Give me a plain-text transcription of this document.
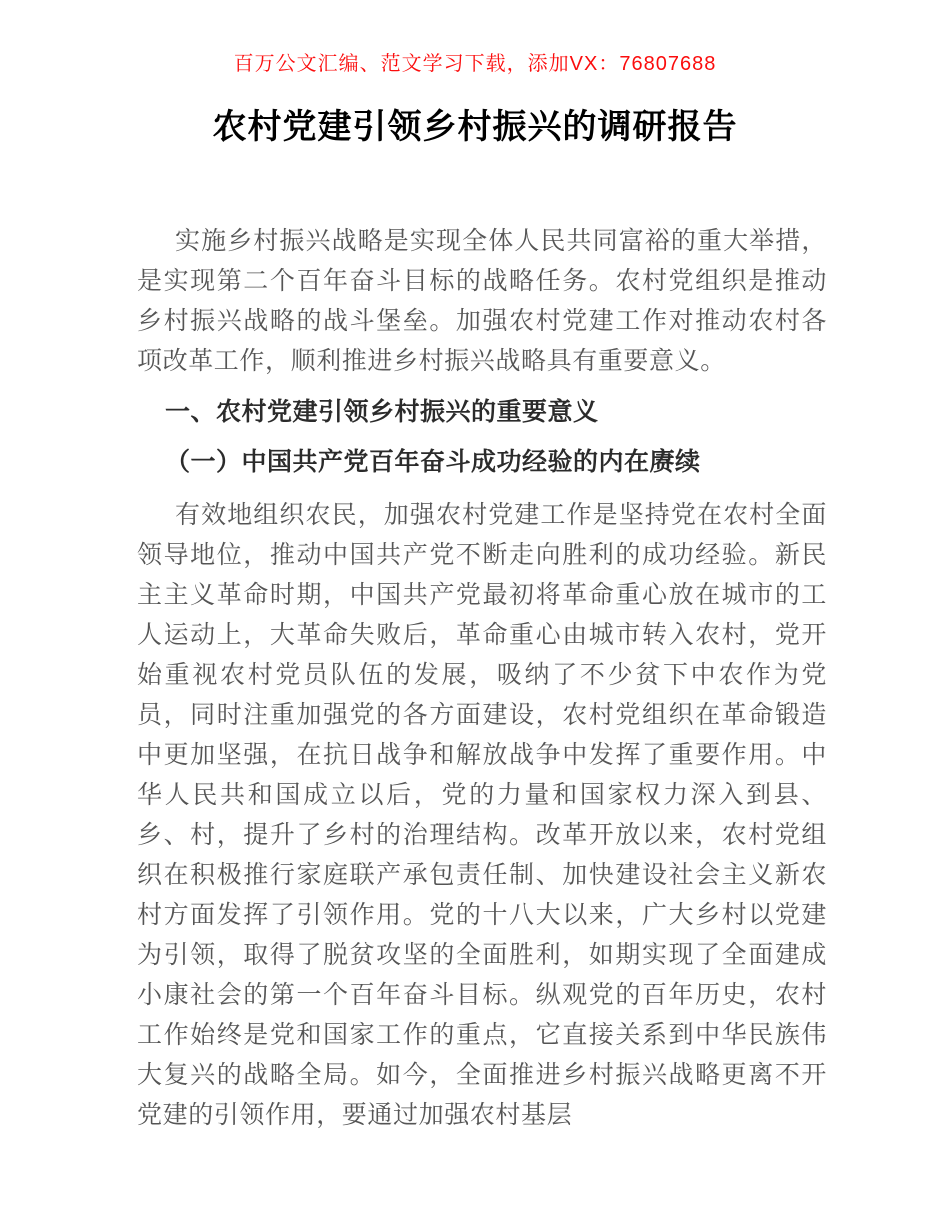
百万公文汇编、范文学习下载，添加VX：76807688
农村党建引领乡村振兴的调研报告

实施乡村振兴战略是实现全体人民共同富裕的重大举措，是实现第二个百年奋斗目标的战略任务。农村党组织是推动乡村振兴战略的战斗堡垒。加强农村党建工作对推动农村各项改革工作，顺利推进乡村振兴战略具有重要意义。

一、农村党建引领乡村振兴的重要意义
（一）中国共产党百年奋斗成功经验的内在赓续

有效地组织农民，加强农村党建工作是坚持党在农村全面领导地位，推动中国共产党不断走向胜利的成功经验。新民主主义革命时期，中国共产党最初将革命重心放在城市的工人运动上，大革命失败后，革命重心由城市转入农村，党开始重视农村党员队伍的发展，吸纳了不少贫下中农作为党员，同时注重加强党的各方面建设，农村党组织在革命锻造中更加坚强，在抗日战争和解放战争中发挥了重要作用。中华人民共和国成立以后，党的力量和国家权力深入到县、乡、村，提升了乡村的治理结构。改革开放以来，农村党组织在积极推行家庭联产承包责任制、加快建设社会主义新农村方面发挥了引领作用。党的十八大以来，广大乡村以党建为引领，取得了脱贫攻坚的全面胜利，如期实现了全面建成小康社会的第一个百年奋斗目标。纵观党的百年历史，农村工作始终是党和国家工作的重点，它直接关系到中华民族伟大复兴的战略全局。如今，全面推进乡村振兴战略更离不开党建的引领作用，要通过加强农村基层
